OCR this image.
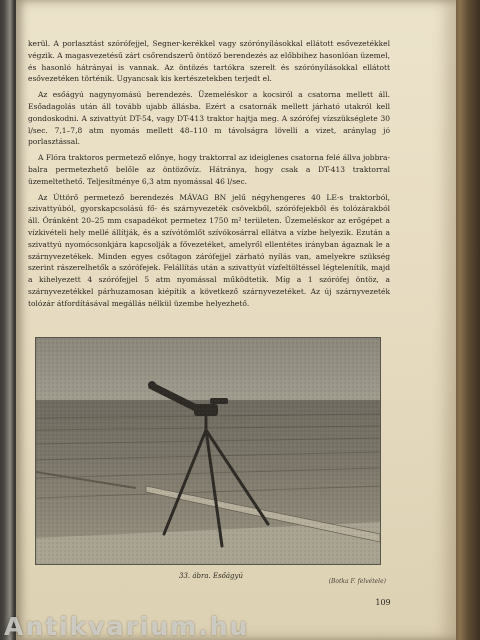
kerül. A porlasztást szórófejjel, Segner-kerékkel vagy szórónyílásokkal ellátott esővezetékkel végzik. A magasvezetésű zárt csőrendszerű öntöző berendezés az előbbihez hasonlóan üzemel, és hasonló hátrányai is vannak. Az öntözés tartókra szerelt és szórónyílásokkal ellátott esővezetéken történik. Ugyancsak kis kertészetekben terjedt el.

Az esőágyú nagynyomású berendezés. Üzemeléskor a kocsiról a csatorna mellett áll. Esőadagolás után áll tovább ujabb állásba. Ezért a csatornák mellett járható utakról kell gondoskodni. A szivattyút DT-54, vagy DT-413 traktor hajtja meg. A szórófej vízszükséglete 30 l/sec. 7,1–7,8 atm nyomás mellett 48–110 m távolságra lövelli a vizet, aránylag jó porlasztással.

A Flóra traktoros permetező előnye, hogy traktorral az ideiglenes csatorna felé állva jobbra-balra permetezhető belőle az öntözővíz. Hátránya, hogy csak a DT-413 traktorral üzemeltethető. Teljesítménye 6,3 atm nyomással 46 l/sec.

Az Úttörő permetező berendezés MÁVAG BN jelű négyhengeres 40 LE-s traktorból, szivattyúból, gyorskapcsolású fő- és szárnyvezeték csövekből, szórófejekből és tolózárakból áll. Óránként 20–25 mm csapadékot permetez 1750 m² területen. Üzemeléskor az erőgépet a vízkivételi hely mellé állítják, és a szívótömlőt szívókosárral ellátva a vízbe helyezik. Ezután a szivattyú nyomócsonkjára kapcsolják a fővezetéket, amelyről ellentétes irányban ágaznak le a szárnyvezetékek. Minden egyes csőtagon zárófejjel zárható nyílás van, amelyekre szükség szerint rászerelhetők a szórófejek. Felállítás után a szivattyút vízfeltöltéssel légtelenítik, majd a kihelyezett 4 szórófejjel 5 atm nyomással működtetik. Míg a 1 szórófej öntöz, a szárnyvezetékkel párhuzamosan kiépítik a következő szárnyvezetéket. Az új szárnyvezeték tolózár átfordításával megállás nélkül üzembe helyezhető.

33. ábra. Esőágyú
(Botka F. felvétele)
109
Antikvarium.hu
